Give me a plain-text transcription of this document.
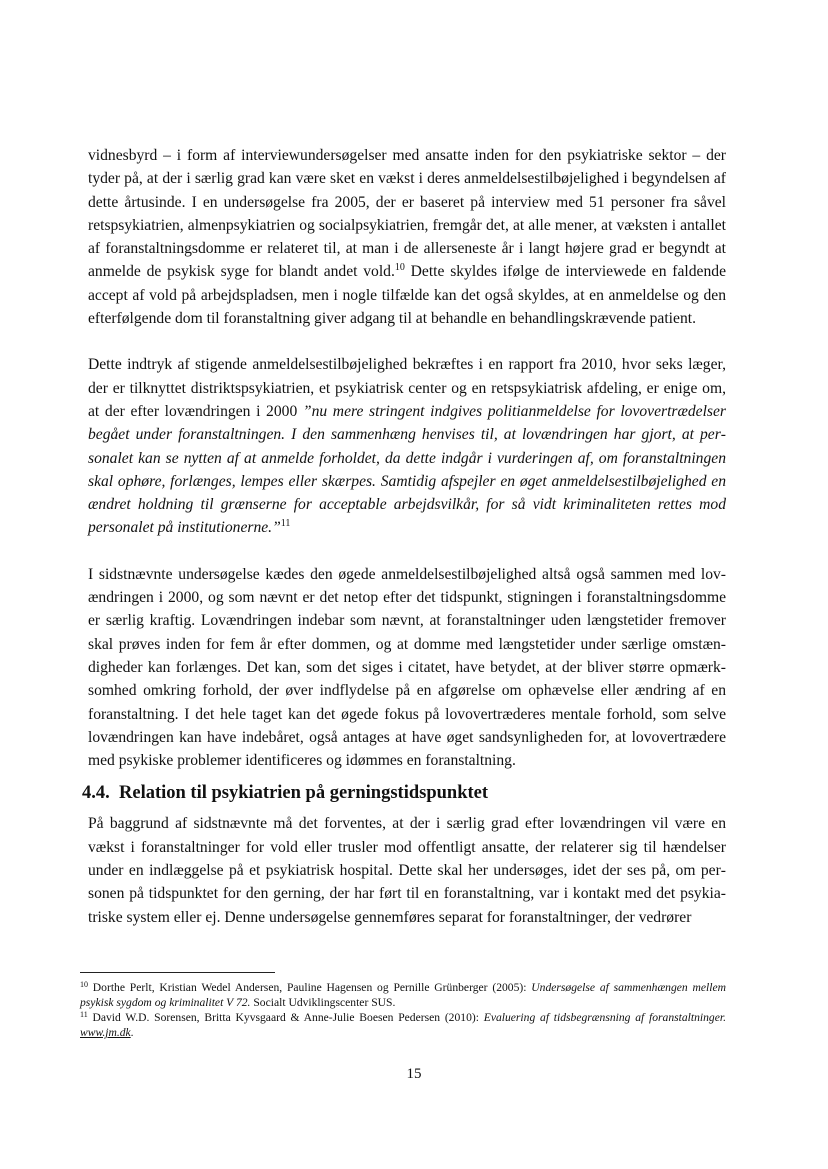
vidnesbyrd – i form af interviewundersøgelser med ansatte inden for den psykiatriske sektor – der tyder på, at der i særlig grad kan være sket en vækst i deres anmeldelsestilbøjelighed i begyndelsen af dette årtusinde. I en undersøgelse fra 2005, der er baseret på interview med 51 personer fra såvel retspsykiatrien, almenpsykiatrien og socialpsykiatrien, fremgår det, at alle mener, at væksten i antallet af foranstaltningsdomme er relateret til, at man i de allerseneste år i langt højere grad er begyndt at anmelde de psykisk syge for blandt andet vold.$^{10}$ Dette skyldes ifølge de interviewede en faldende accept af vold på arbejdspladsen, men i nogle tilfælde kan det også skyldes, at en anmeldelse og den efterfølgende dom til foranstaltning giver adgang til at behandle en behandlingskrævende patient.

Dette indtryk af stigende anmeldelsestilbøjelighed bekræftes i en rapport fra 2010, hvor seks læger, der er tilknyttet distriktspsykiatrien, et psykiatrisk center og en retspsykiatrisk afdeling, er enige om, at der efter lovændringen i 2000 ”nu mere stringent indgives politianmeldelse for lovovertrædelser begået under foranstaltningen. I den sammenhæng henvises til, at lovændringen har gjort, at personalet kan se nytten af at anmelde forholdet, da dette indgår i vurderingen af, om foranstaltningen skal ophøre, forlænges, lempes eller skærpes. Samtidig afspejler en øget anmeldelsestilbøjelighed en ændret holdning til grænserne for acceptable arbejdsvilkår, for så vidt kriminaliteten rettes mod personalet på institutionerne.”$^{11}$

I sidstnævnte undersøgelse kædes den øgede anmeldelsestilbøjelighed altså også sammen med lovændringen i 2000, og som nævnt er det netop efter det tidspunkt, stigningen i foranstaltningsdomme er særlig kraftig. Lovændringen indebar som nævnt, at foranstaltninger uden længstetider fremover skal prøves inden for fem år efter dommen, og at domme med længstetider under særlige omstændigheder kan forlænges. Det kan, som det siges i citatet, have betydet, at der bliver større opmærksomhed omkring forhold, der øver indflydelse på en afgørelse om ophævelse eller ændring af en foranstaltning. I det hele taget kan det øgede fokus på lovovertræderes mentale forhold, som selve lovændringen kan have indebåret, også antages at have øget sandsynligheden for, at lovovertrædere med psykiske problemer identificeres og idømmes en foranstaltning.

4.4. Relation til psykiatrien på gerningstidspunktet

På baggrund af sidstnævnte må det forventes, at der i særlig grad efter lovændringen vil være en vækst i foranstaltninger for vold eller trusler mod offentligt ansatte, der relaterer sig til hændelser under en indlæggelse på et psykiatrisk hospital. Dette skal her undersøges, idet der ses på, om personen på tidspunktet for den gerning, der har ført til en foranstaltning, var i kontakt med det psykiatriske system eller ej. Denne undersøgelse gennemføres separat for foranstaltninger, der vedrører

$^{10}$ Dorthe Perlt, Kristian Wedel Andersen, Pauline Hagensen og Pernille Grünberger (2005): Undersøgelse af sammenhængen mellem psykisk sygdom og kriminalitet V 72. Socialt Udviklingscenter SUS.

$^{11}$ David W.D. Sorensen, Britta Kyvsgaard & Anne-Julie Boesen Pedersen (2010): Evaluering af tidsbegrænsning af foranstaltninger. www.jm.dk.

15
